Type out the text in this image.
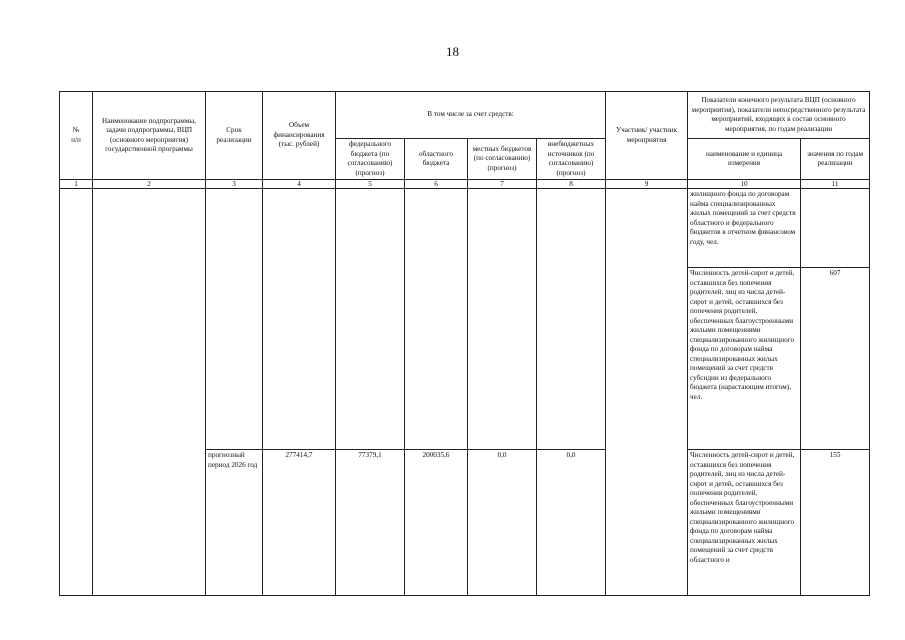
18
№
п/п	Наименование подпрограммы, задачи подпрограммы, ВЦП (основного мероприятия) государственной программы	Срок реализации	Объем финансирования (тыс. рублей)	В том числе за счет средств:				Участник/ участник мероприятия	Показатели конечного результата ВЦП (основного мероприятия), показатели непосредственного результата мероприятий, входящих в состав основного мероприятия, по годам реализации	
				федерального бюджета (по согласованию) (прогноз)	областного бюджета	местных бюджетов (по согласованию) (прогноз)	внебюджетных источников (по согласованию) (прогноз)		наименование и единица измерения	значения по годам реализации
1	2	3	4	5	6	7	8	9	10	11
									жилищного фонда по договорам найма специализированных жилых помещений за счет средств областного и федерального бюджетов в отчетном финансовом году, чел.	
									Численность детей-сирот и детей, оставшихся без попечения родителей, лиц из числа детей-сирот и детей, оставшихся без попечения родителей, обеспеченных благоустроенными жилыми помещениями специализированного жилищного фонда по договорам найма специализированных жилых помещений за счет средств субсидии из федерального бюджета (нарастающим итогом), чел.	607
		прогнозный период 2026 год	277414,7	77379,1	200035,6	0,0	0,0		Численность детей-сирот и детей, оставшихся без попечения родителей, лиц из числа детей-сирот и детей, оставшихся без попечения родителей, обеспеченных благоустроенными жилыми помещениями специализированного жилищного фонда по договорам найма специализированных жилых помещений за счет средств областного и	155
